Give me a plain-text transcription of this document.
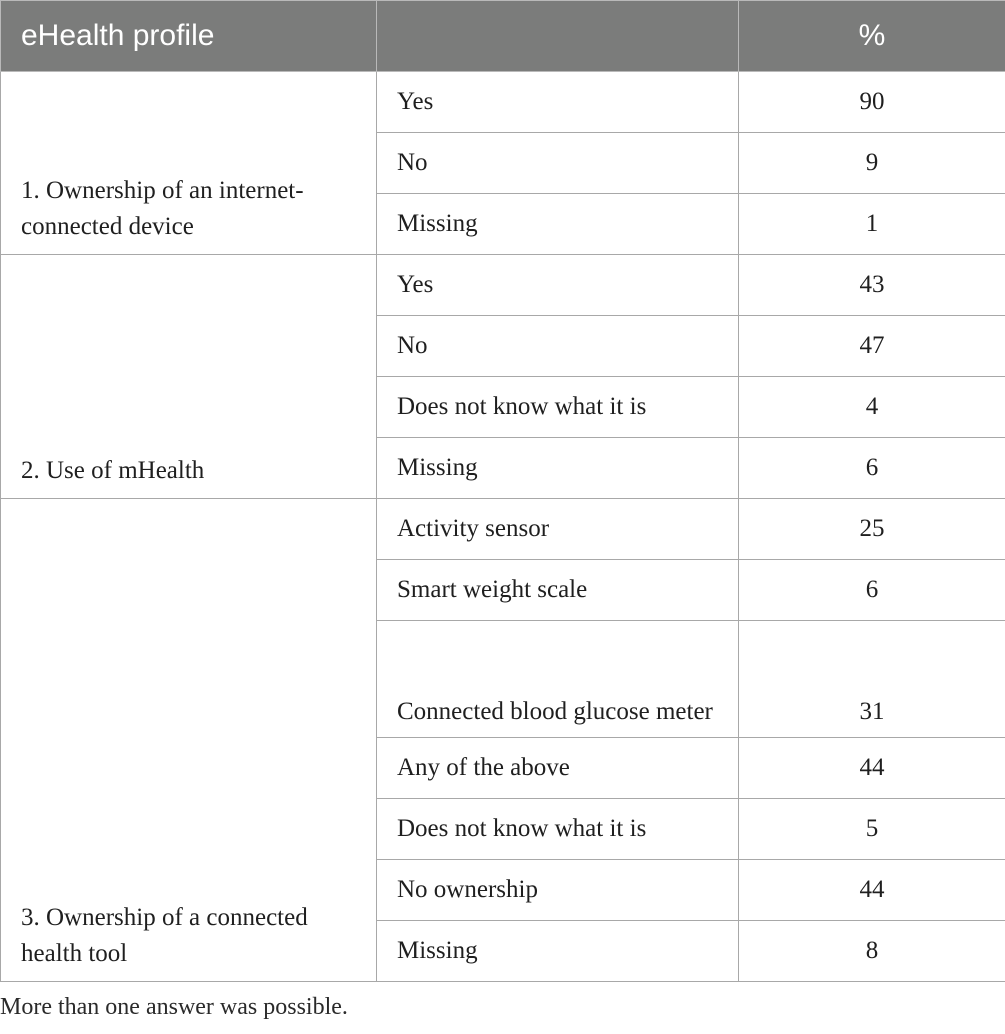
eHealth profile		%
1. Ownership of an internet-connected device	Yes	90
	No	9
	Missing	1
2. Use of mHealth	Yes	43
	No	47
	Does not know what it is	4
	Missing	6
3. Ownership of a connected health tool	Activity sensor	25
	Smart weight scale	6
	Connected blood glucose meter	31
	Any of the above	44
	Does not know what it is	5
	No ownership	44
	Missing	8
More than one answer was possible.
